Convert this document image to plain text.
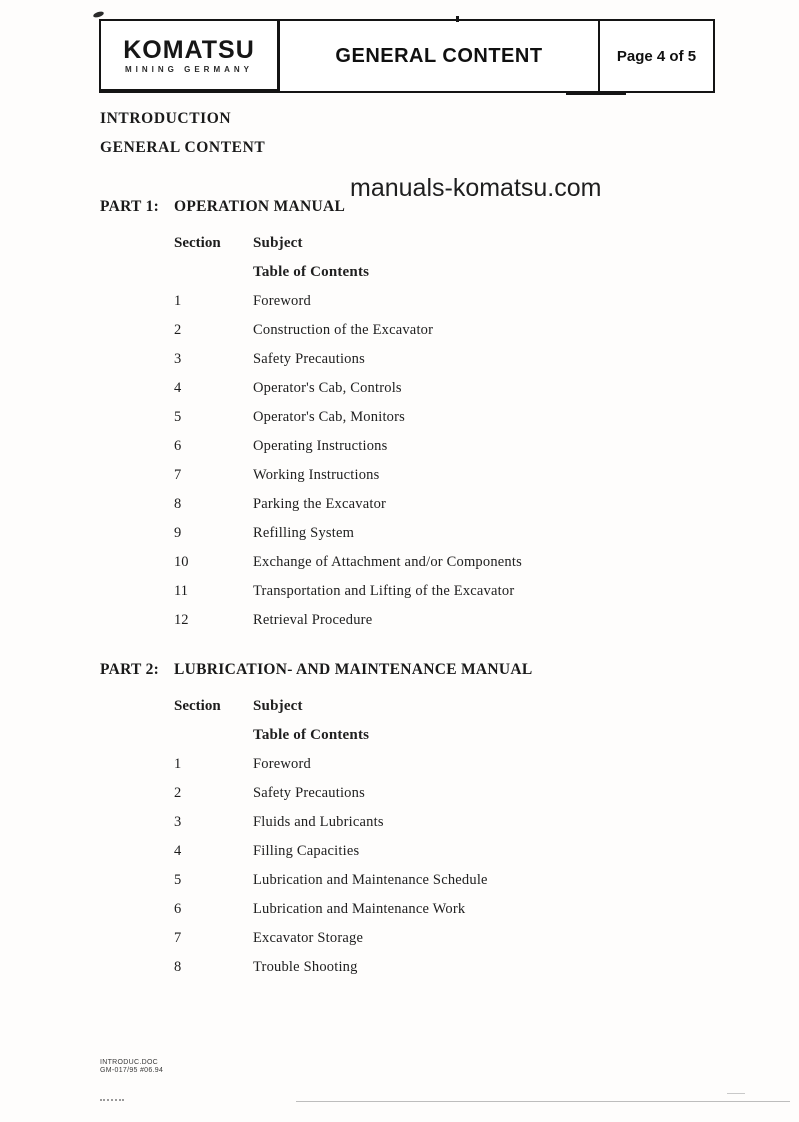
KOMATSU
MINING GERMANY
GENERAL CONTENT	Page 4 of 5
INTRODUCTION
GENERAL CONTENT
manuals-komatsu.com
PART 1: OPERATION MANUAL
Section	Subject
Table of Contents
1	Foreword
2	Construction of the Excavator
3	Safety Precautions
4	Operator's Cab, Controls
5	Operator's Cab, Monitors
6	Operating Instructions
7	Working Instructions
8	Parking the Excavator
9	Refilling System
10	Exchange of Attachment and/or Components
11	Transportation and Lifting of the Excavator
12	Retrieval Procedure
PART 2: LUBRICATION- AND MAINTENANCE MANUAL
Section	Subject
Table of Contents
1	Foreword
2	Safety Precautions
3	Fluids and Lubricants
4	Filling Capacities
5	Lubrication and Maintenance Schedule
6	Lubrication and Maintenance Work
7	Excavator Storage
8	Trouble Shooting
INTRODUC.DOC
GM-017/95 #06.94
